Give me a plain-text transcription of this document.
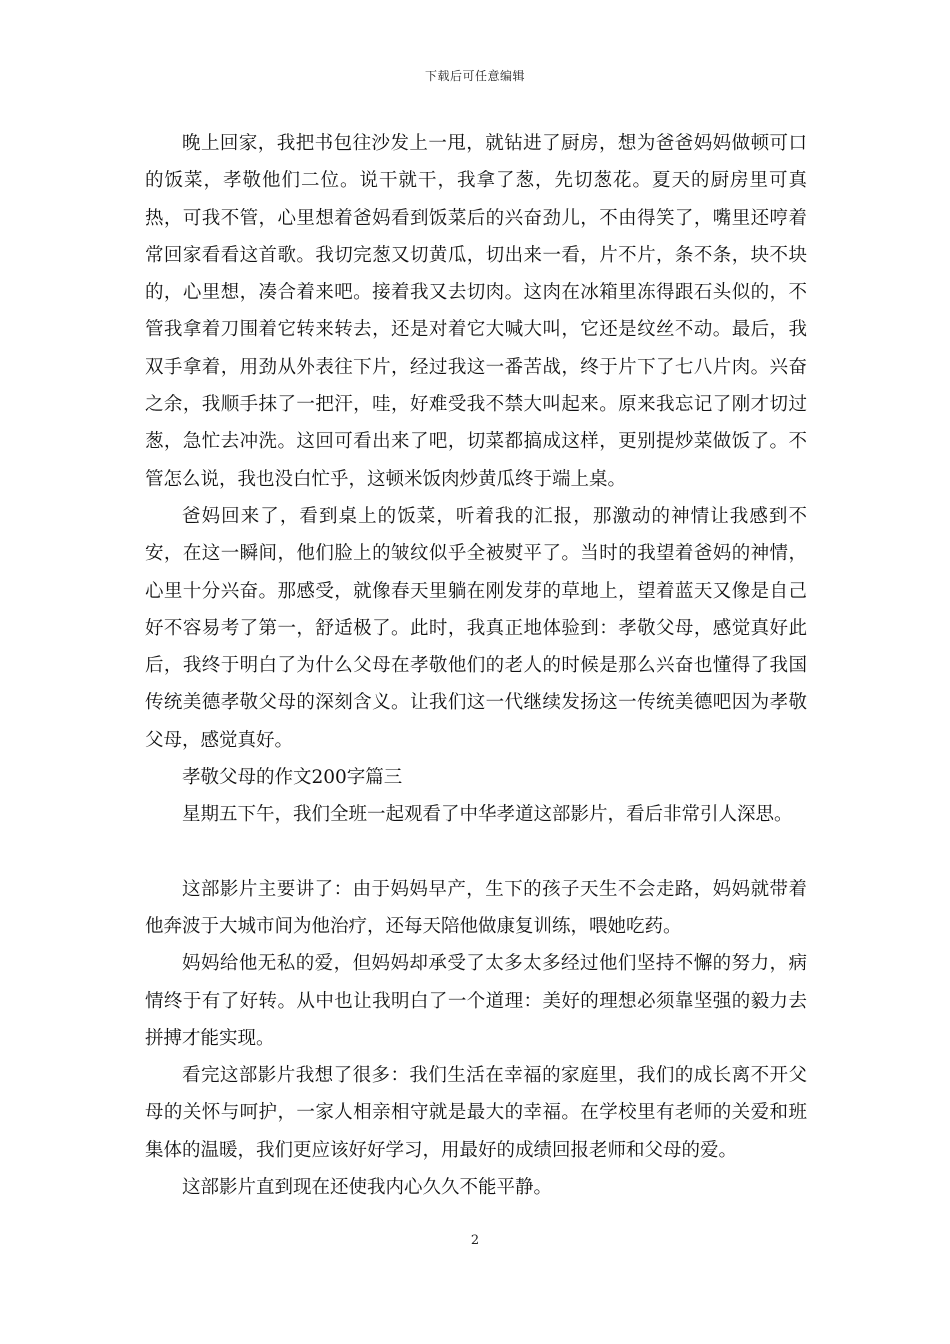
下载后可任意编辑

晚上回家，我把书包往沙发上一甩，就钻进了厨房，想为爸爸妈妈做顿可口的饭菜，孝敬他们二位。说干就干，我拿了葱，先切葱花。夏天的厨房里可真热，可我不管，心里想着爸妈看到饭菜后的兴奋劲儿，不由得笑了，嘴里还哼着常回家看看这首歌。我切完葱又切黄瓜，切出来一看，片不片，条不条，块不块的，心里想，凑合着来吧。接着我又去切肉。这肉在冰箱里冻得跟石头似的，不管我拿着刀围着它转来转去，还是对着它大喊大叫，它还是纹丝不动。最后，我双手拿着，用劲从外表往下片，经过我这一番苦战，终于片下了七八片肉。兴奋之余，我顺手抹了一把汗，哇，好难受我不禁大叫起来。原来我忘记了刚才切过葱，急忙去冲洗。这回可看出来了吧，切菜都搞成这样，更别提炒菜做饭了。不管怎么说，我也没白忙乎，这顿米饭肉炒黄瓜终于端上桌。

爸妈回来了，看到桌上的饭菜，听着我的汇报，那激动的神情让我感到不安，在这一瞬间，他们脸上的皱纹似乎全被熨平了。当时的我望着爸妈的神情，心里十分兴奋。那感受，就像春天里躺在刚发芽的草地上，望着蓝天又像是自己好不容易考了第一，舒适极了。此时，我真正地体验到：孝敬父母，感觉真好此后，我终于明白了为什么父母在孝敬他们的老人的时候是那么兴奋也懂得了我国传统美德孝敬父母的深刻含义。让我们这一代继续发扬这一传统美德吧因为孝敬父母，感觉真好。

孝敬父母的作文200字篇三

星期五下午，我们全班一起观看了中华孝道这部影片，看后非常引人深思。

这部影片主要讲了：由于妈妈早产，生下的孩子天生不会走路，妈妈就带着他奔波于大城市间为他治疗，还每天陪他做康复训练，喂她吃药。

妈妈给他无私的爱，但妈妈却承受了太多太多经过他们坚持不懈的努力，病情终于有了好转。从中也让我明白了一个道理：美好的理想必须靠坚强的毅力去拼搏才能实现。

看完这部影片我想了很多：我们生活在幸福的家庭里，我们的成长离不开父母的关怀与呵护，一家人相亲相守就是最大的幸福。在学校里有老师的关爱和班集体的温暖，我们更应该好好学习，用最好的成绩回报老师和父母的爱。

这部影片直到现在还使我内心久久不能平静。

2
